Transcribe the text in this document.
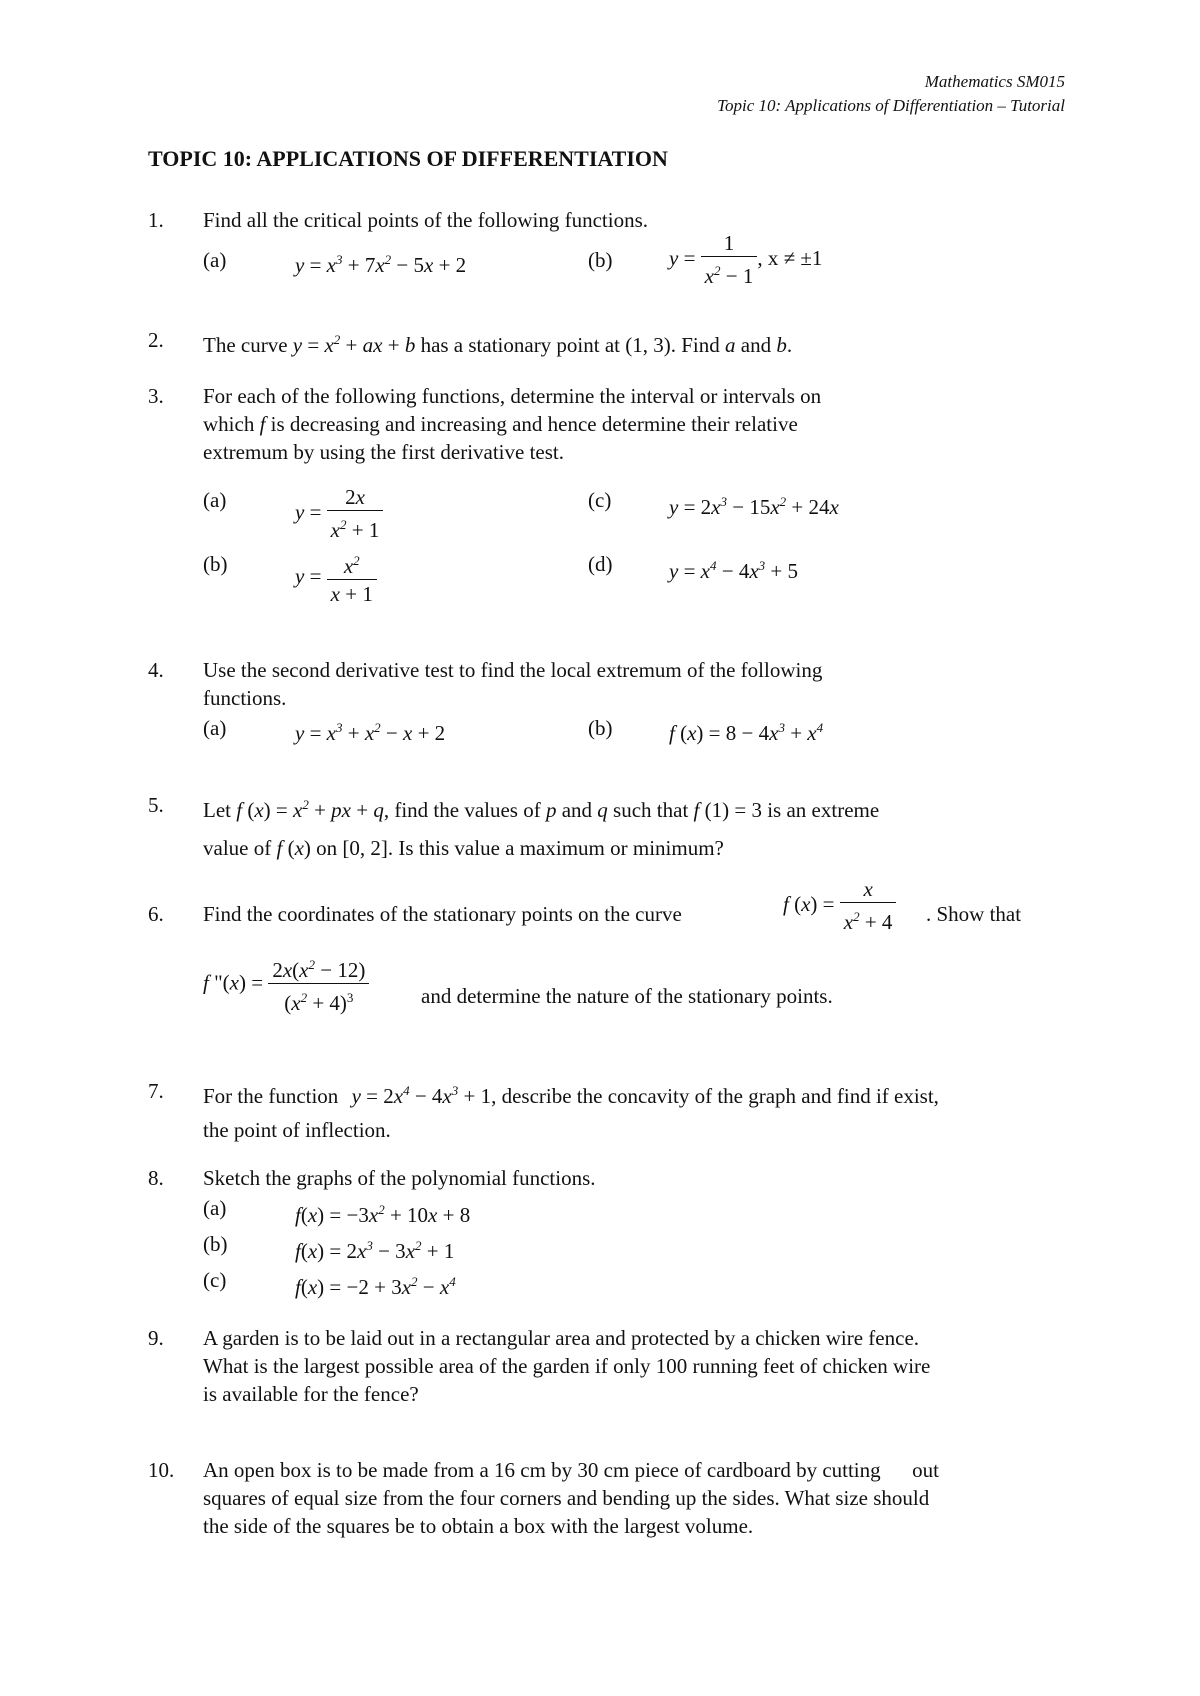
Mathematics SM015
Topic 10: Applications of Differentiation – Tutorial
TOPIC 10: APPLICATIONS OF DIFFERENTIATION
1. Find all the critical points of the following functions.
(a)	$y = x^3 + 7x^2 - 5x + 2$	(b)	$y = \frac{1}{x^2 - 1}$ , x ≠ ±1
2. The curve $y = x^2$ + ax + b has a stationary point at (1, 3). Find a and b.
3. For each of the following functions, determine the interval or intervals on
which f is decreasing and increasing and hence determine their relative
extremum by using the first derivative test.
(a)	$y = \frac{2x}{x^2 + 1}$	(c)	$y = 2x^3 - 15x^2 + 24x$
(b)	$y = \frac{x^2}{x + 1}$	(d)	$y = x^4 - 4x^3 + 5$
4. Use the second derivative test to find the local extremum of the following
functions.
(a)	$y = x^3 + x^2 - x + 2$	(b)	f $(x) = 8 - 4x^3 + x^4$
5. Let f $(x) = x^2$ + px + q, find the values of p and q such that f (1) = 3 is an extreme
value of f (x) on [0, 2]. Is this value a maximum or minimum?
6. Find the coordinates of the stationary points on the curve	f $(x) = \frac{x}{x^2 + 4}$ . Show that
f "$(x) = \frac{2x(x^2 - 12)}{(x^2 + 4)^3}$ and determine the nature of the stationary points.
7. For the function $y = 2x^4 - 4x^3 + 1$, describe the concavity of the graph and find if exist,
the point of inflection.
8. Sketch the graphs of the polynomial functions.
(a)	$f(x) = -3x^2 + 10x + 8$
(b)	$f(x) = 2x^3 - 3x^2 + 1$
(c)	$f(x) = -2 + 3x^2 - x^4$
9. A garden is to be laid out in a rectangular area and protected by a chicken wire fence.
What is the largest possible area of the garden if only 100 running feet of chicken wire
is available for the fence?
10. An open box is to be made from a 16 cm by 30 cm piece of cardboard by cutting      out
squares of equal size from the four corners and bending up the sides. What size should
the side of the squares be to obtain a box with the largest volume.
